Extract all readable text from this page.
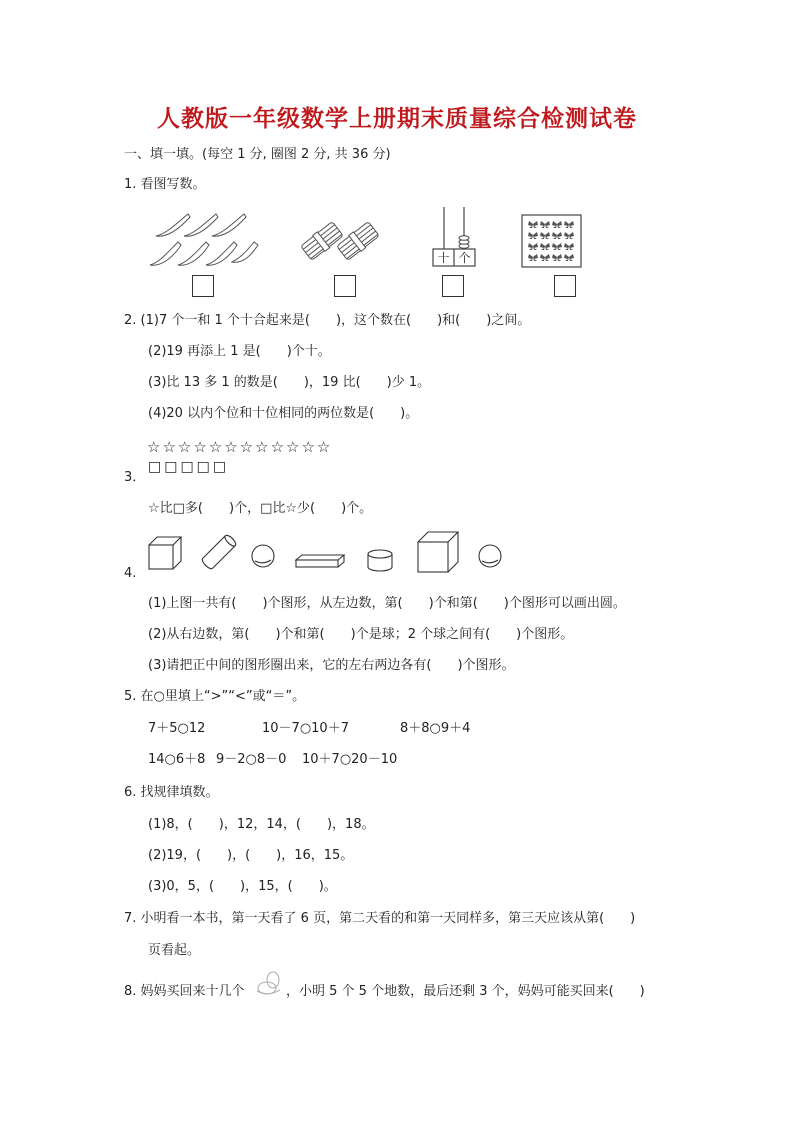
人教版一年级数学上册期末质量综合检测试卷
一、填一填。(每空 1 分, 圈图 2 分, 共 36 分)
1. 看图写数。
十 个
2. (1)7 个一和 1 个十合起来是(　　)，这个数在(　　)和(　　)之间。
(2)19 再添上 1 是(　　)个十。
(3)比 13 多 1 的数是(　　)，19 比(　　)少 1。
(4)20 以内个位和十位相同的两位数是(　　)。
☆☆☆☆☆☆☆☆☆☆☆☆
□□□□□
3．
☆比□多(　　)个，□比☆少(　　)个。
4.
(1)上图一共有(　　)个图形，从左边数，第(　　)个和第(　　)个图形可以画出圆。
(2)从右边数，第(　　)个和第(　　)个是球；2 个球之间有(　　)个图形。
(3)请把正中间的图形圈出来，它的左右两边各有(　　)个图形。
5. 在○里填上“>”“<”或“＝”。
7＋5○12	10－7○10＋7	8＋8○9＋4
14○6＋8 9－2○8－0 10＋7○20－10
6. 找规律填数。
(1)8，(　　)，12，14，(　　)，18。
(2)19，(　　)，(　　)，16，15。
(3)0，5，(　　)，15，(　　)。
7. 小明看一本书，第一天看了 6 页，第二天看的和第一天同样多，第三天应该从第(　　)
页看起。
8. 妈妈买回来十几个	，小明 5 个 5 个地数，最后还剩 3 个，妈妈可能买回来(　　)
